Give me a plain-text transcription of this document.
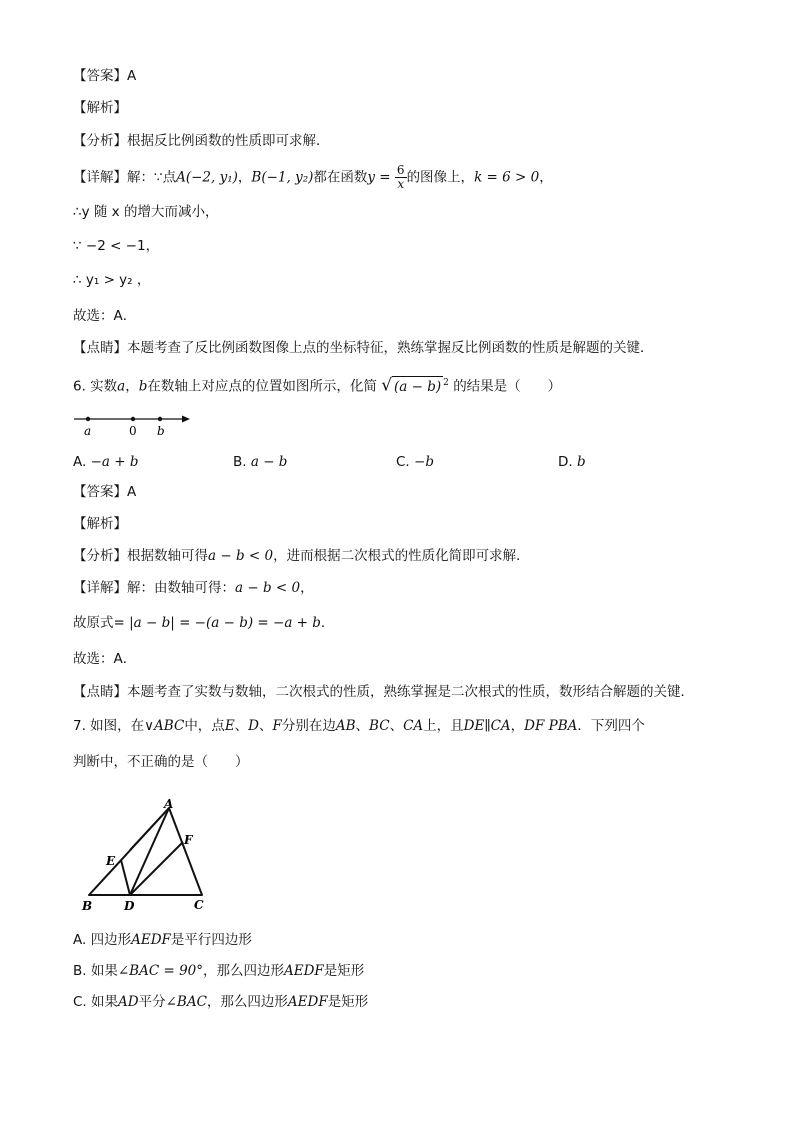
【答案】A
【解析】
【分析】根据反比例函数的性质即可求解．
【详解】解：∵点A(−2, y₁)，B(−1, y₂)都在函数$y = \frac{6}{x}$ 的图像上，k = 6 > 0，
∴y 随 x 的增大而减小，
∵ −2 < −1，
∴ y₁ > y₂ ，
故选：A．
【点睛】本题考查了反比例函数图像上点的坐标特征，熟练掌握反比例函数的性质是解题的关键．
6. 实数a，b在数轴上对应点的位置如图所示，化简 √ (a − b) $^2$ 的结果是（　　）
a	0 b
A. −a + b	B. a − b	C. −b	D. b
【答案】A
【解析】
【分析】根据数轴可得a − b < 0，进而根据二次根式的性质化简即可求解．
【详解】解：由数轴可得：a − b < 0，
故原式= |a − b| = −(a − b) = −a + b．
故选：A．
【点睛】本题考查了实数与数轴，二次根式的性质，熟练掌握是二次根式的性质，数形结合解题的关键．
7. 如图，在∨ABC中，点E、D、F分别在边AB、BC、CA上，且DE∥CA，DF PBA．下列四个
判断中，不正确的是（　　）
A
B	C
D
E
F
A. 四边形AEDF是平行四边形
B. 如果∠BAC = 90°，那么四边形AEDF是矩形
C. 如果AD平分∠BAC，那么四边形AEDF是矩形
